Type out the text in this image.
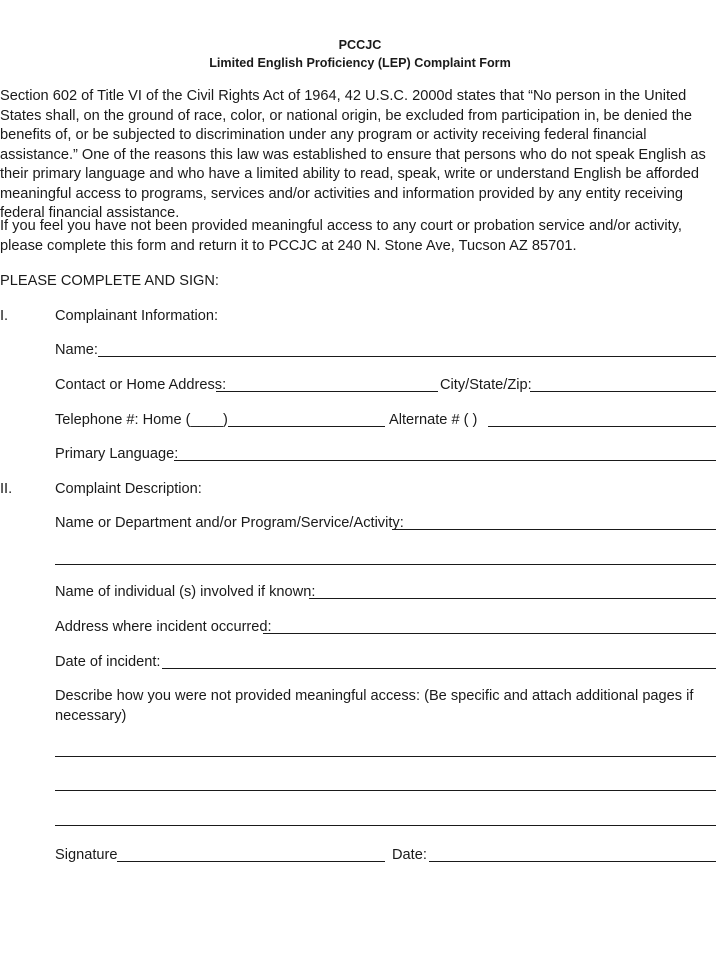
PCCJC
Limited English Proficiency (LEP) Complaint Form

Section 602 of Title VI of the Civil Rights Act of 1964, 42 U.S.C. 2000d states that “No person in the United States shall, on the ground of race, color, or national origin, be excluded from participation in, be denied the benefits of, or be subjected to discrimination under any program or activity receiving federal financial assistance.” One of the reasons this law was established to ensure that persons who do not speak English as their primary language and who have a limited ability to read, speak, write or understand English be afforded meaningful access to programs, services and/or activities and information provided by any entity receiving federal financial assistance.

If you feel you have not been provided meaningful access to any court or probation service and/or activity, please complete this form and return it to PCCJC at 240 N. Stone Ave, Tucson AZ 85701.

PLEASE COMPLETE AND SIGN:
I.	Complainant Information:
Name:
Contact or Home Address:	City/State/Zip:
Telephone #: Home (____)	Alternate # ( )
Primary Language:
II.	Complaint Description:
Name or Department and/or Program/Service/Activity:
Name of individual (s) involved if known:
Address where incident occurred:
Date of incident:

Describe how you were not provided meaningful access: (Be specific and attach additional pages if necessary)

Signature	Date:
